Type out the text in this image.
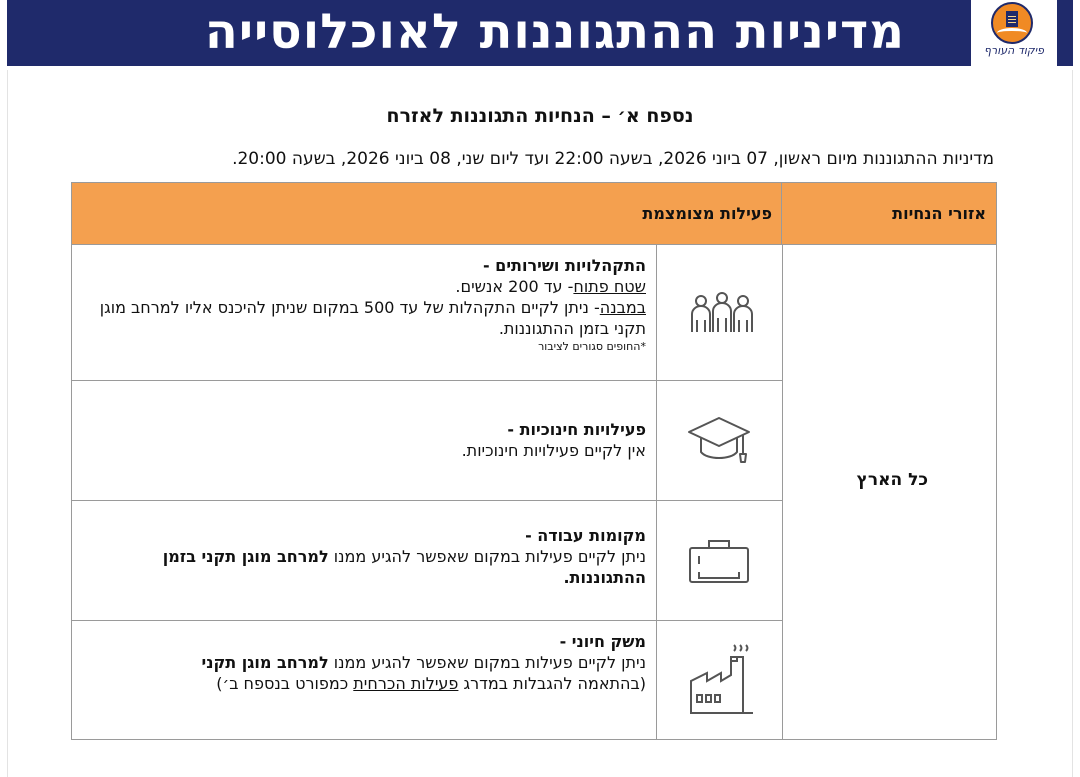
מדיניות ההתגוננות לאוכלוסייה	פיקוד העורף
נספח א׳ – הנחיות התגוננות לאזרח
מדיניות ההתגוננות מיום ראשון, 07 ביוני 2026, בשעה 22:00 ועד ליום שני, 08 ביוני 2026, בשעה 20:00.
אזורי הנחיות
פעילות מצומצמת
כל הארץ
התקהלויות ושירותים -
שטח פתוח- עד 200 אנשים.
במבנה- ניתן לקיים התקהלות של עד 500 במקום שניתן להיכנס אליו למרחב מוגן תקני בזמן ההתגוננות.
*החופים סגורים לציבור
פעילויות חינוכיות -
אין לקיים פעילויות חינוכיות.
מקומות עבודה -
ניתן לקיים פעילות במקום שאפשר להגיע ממנו למרחב מוגן תקני בזמן ההתגוננות.
משק חיוני -
ניתן לקיים פעילות במקום שאפשר להגיע ממנו למרחב מוגן תקני
(בהתאמה להגבלות במדרג פעילות הכרחית כמפורט בנספח ב׳)
